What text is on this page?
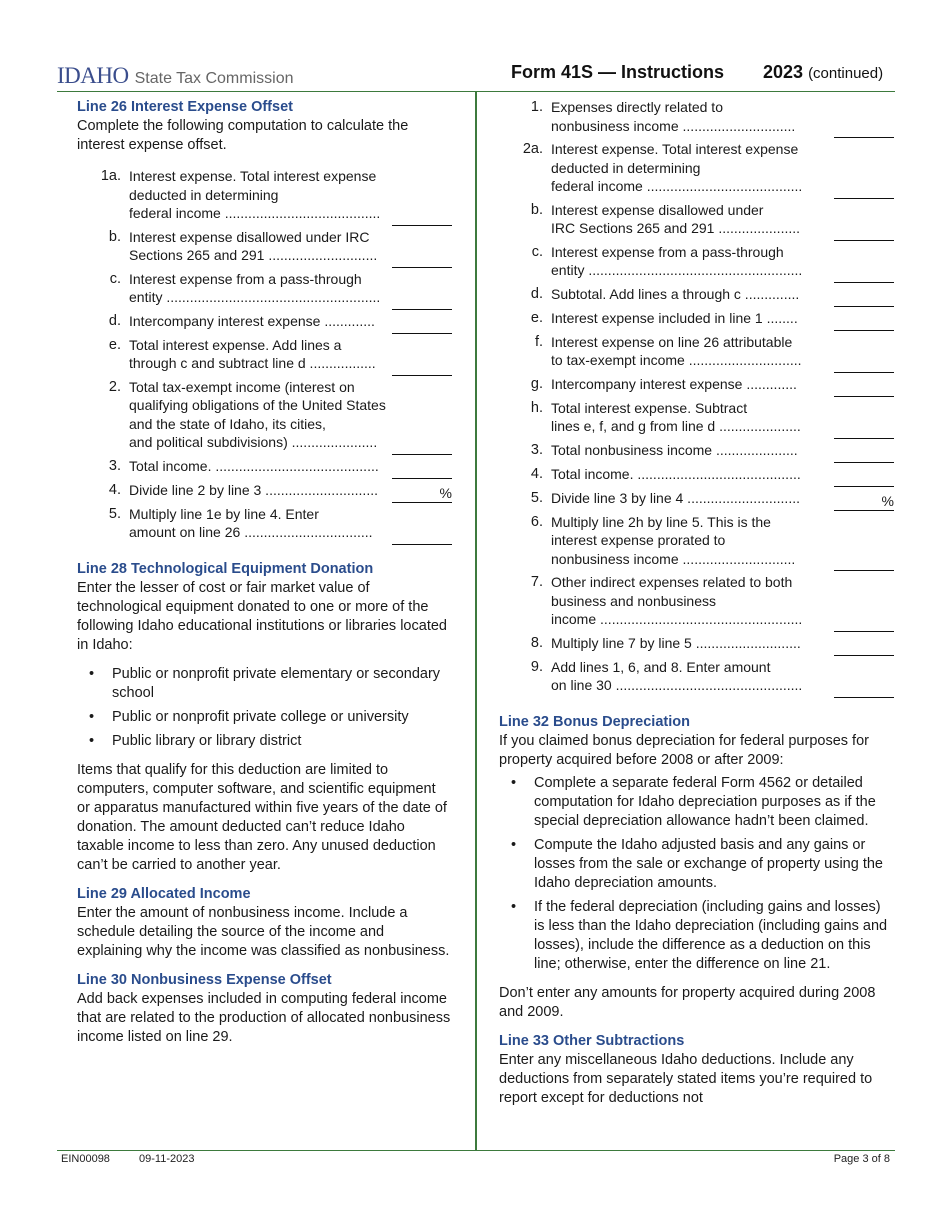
IDAHO State Tax Commission	Form 41S — Instructions 2023 (continued)
Line 26 Interest Expense Offset

Complete the following computation to calculate the interest expense offset.

1a. Interest expense. Total interest expense deducted in determining
federal income ........................................
b. Interest expense disallowed under IRC
Sections 265 and 291 ............................
c. Interest expense from a pass-through
entity .......................................................
d. Intercompany interest expense .............
e. Total interest expense. Add lines a
through c and subtract line d .................
2. Total tax-exempt income (interest on qualifying obligations of the United States and the state of Idaho, its cities,
and political subdivisions) ......................
3. Total income. ..........................................
4. Divide line 2 by line 3 .............................	%
5. Multiply line 1e by line 4. Enter
amount on line 26 .................................
Line 28 Technological Equipment Donation

Enter the lesser of cost or fair market value of technological equipment donated to one or more of the following Idaho educational institutions or libraries located in Idaho:

• Public or nonprofit private elementary or secondary school
• Public or nonprofit private college or university
• Public library or library district

Items that qualify for this deduction are limited to computers, computer software, and scientific equipment or apparatus manufactured within five years of the date of donation. The amount deducted can’t reduce Idaho taxable income to less than zero. Any unused deduction can’t be carried to another year.

Line 29 Allocated Income

Enter the amount of nonbusiness income. Include a schedule detailing the source of the income and explaining why the income was classified as nonbusiness.

Line 30 Nonbusiness Expense Offset

Add back expenses included in computing federal income that are related to the production of allocated nonbusiness income listed on line 29.

1. Expenses directly related to
nonbusiness income .............................
2a. Interest expense. Total interest expense deducted in determining
federal income ........................................
b. Interest expense disallowed under
IRC Sections 265 and 291 .....................
c. Interest expense from a pass-through
entity .......................................................
d. Subtotal. Add lines a through c ..............
e. Interest expense included in line 1 ........
f. Interest expense on line 26 attributable
to tax-exempt income .............................
g. Intercompany interest expense .............
h. Total interest expense. Subtract
lines e, f, and g from line d .....................
3. Total nonbusiness income .....................
4. Total income. ..........................................
5. Divide line 3 by line 4 .............................	%
6. Multiply line 2h by line 5. This is the interest expense prorated to
nonbusiness income .............................
7. Other indirect expenses related to both business and nonbusiness
income ....................................................
8. Multiply line 7 by line 5 ...........................
9. Add lines 1, 6, and 8. Enter amount
on line 30 ................................................
Line 32 Bonus Depreciation

If you claimed bonus depreciation for federal purposes for property acquired before 2008 or after 2009:

• Complete a separate federal Form 4562 or detailed computation for Idaho depreciation purposes as if the special depreciation allowance hadn’t been claimed.
• Compute the Idaho adjusted basis and any gains or losses from the sale or exchange of property using the Idaho depreciation amounts.
• If the federal depreciation (including gains and losses) is less than the Idaho depreciation (including gains and losses), include the difference as a deduction on this line; otherwise, enter the difference on line 21.

Don’t enter any amounts for property acquired during 2008 and 2009.

Line 33 Other Subtractions

Enter any miscellaneous Idaho deductions. Include any deductions from separately stated items you’re required to report except for deductions not

EIN00098	09-11-2023	Page 3 of 8
